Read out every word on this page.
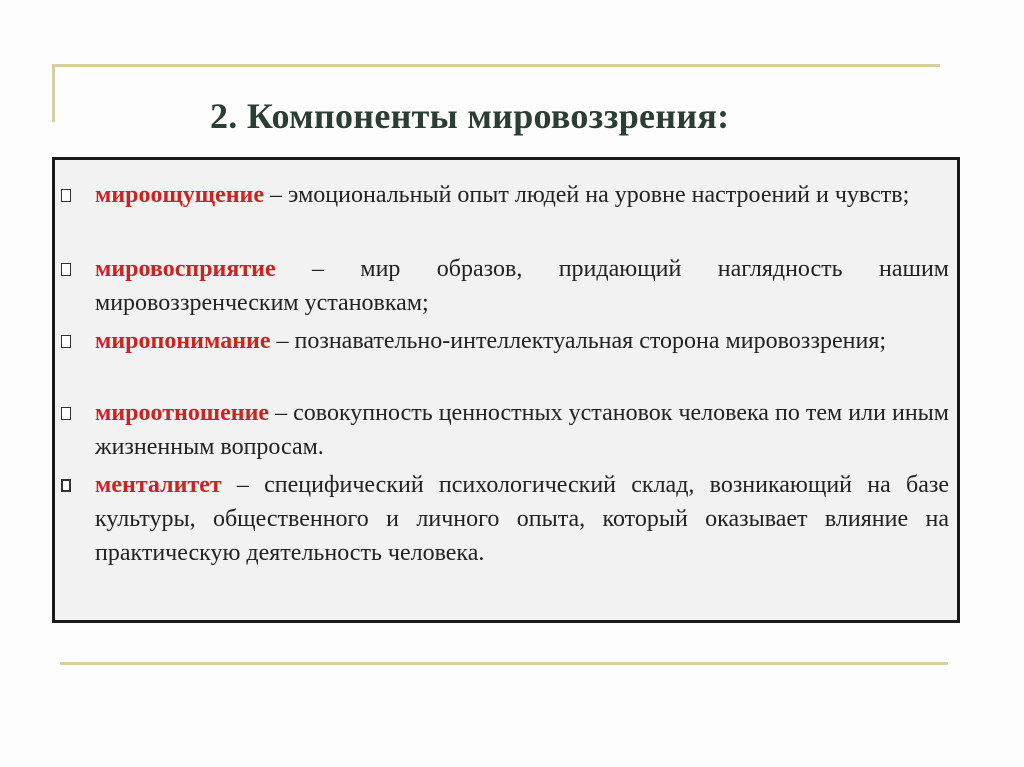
2. Компоненты мировоззрения:
мироощущение – эмоциональный опыт людей на уровне настроений и чувств;
мировосприятие – мир образов, придающий наглядность нашим мировоззренческим установкам;
миропонимание – познавательно-интеллектуальная сторона мировоззрения;
мироотношение – совокупность ценностных установок человека по тем или иным жизненным вопросам.
менталитет – специфический психологический склад, возникающий на базе культуры, общественного и личного опыта, который оказывает влияние на практическую деятельность человека.
